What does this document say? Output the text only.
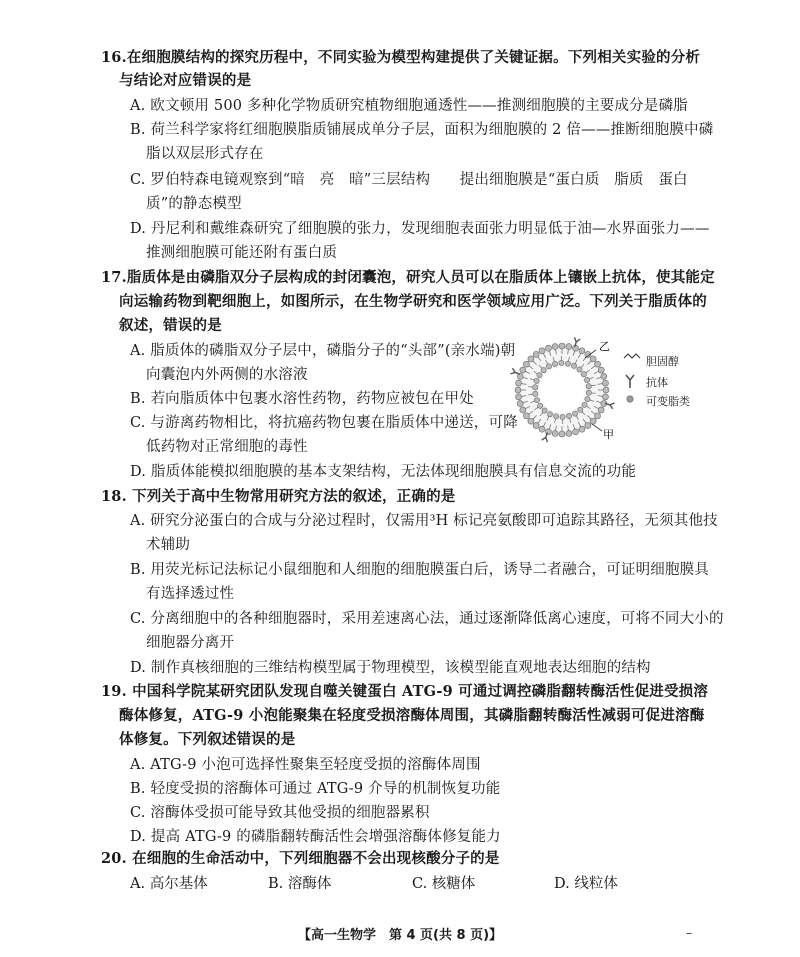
16.在细胞膜结构的探究历程中，不同实验为模型构建提供了关键证据。下列相关实验的分析
与结论对应错误的是
A. 欧文顿用 500 多种化学物质研究植物细胞通透性——推测细胞膜的主要成分是磷脂
B. 荷兰科学家将红细胞膜脂质铺展成单分子层，面积为细胞膜的 2 倍——推断细胞膜中磷
脂以双层形式存在
C. 罗伯特森电镜观察到“暗　亮　暗”三层结构　　提出细胞膜是“蛋白质　脂质　蛋白
质”的静态模型
D. 丹尼利和戴维森研究了细胞膜的张力，发现细胞表面张力明显低于油—水界面张力——
推测细胞膜可能还附有蛋白质
17.脂质体是由磷脂双分子层构成的封闭囊泡，研究人员可以在脂质体上镶嵌上抗体，使其能定
向运输药物到靶细胞上，如图所示，在生物学研究和医学领域应用广泛。下列关于脂质体的
叙述，错误的是
A. 脂质体的磷脂双分子层中，磷脂分子的“头部”(亲水端)朝
向囊泡内外两侧的水溶液
B. 若向脂质体中包裹水溶性药物，药物应被包在甲处
C. 与游离药物相比，将抗癌药物包裹在脂质体中递送，可降
低药物对正常细胞的毒性
D. 脂质体能模拟细胞膜的基本支架结构，无法体现细胞膜具有信息交流的功能
乙
甲
胆固醇
抗体
可变脂类
18. 下列关于高中生物常用研究方法的叙述，正确的是
A. 研究分泌蛋白的合成与分泌过程时，仅需用³H 标记亮氨酸即可追踪其路径，无须其他技
术辅助
B. 用荧光标记法标记小鼠细胞和人细胞的细胞膜蛋白后，诱导二者融合，可证明细胞膜具
有选择透过性
C. 分离细胞中的各种细胞器时，采用差速离心法，通过逐渐降低离心速度，可将不同大小的
细胞器分离开
D. 制作真核细胞的三维结构模型属于物理模型，该模型能直观地表达细胞的结构
19. 中国科学院某研究团队发现自噬关键蛋白 ATG-9 可通过调控磷脂翻转酶活性促进受损溶
酶体修复，ATG-9 小泡能聚集在轻度受损溶酶体周围，其磷脂翻转酶活性减弱可促进溶酶
体修复。下列叙述错误的是
A. ATG-9 小泡可选择性聚集至轻度受损的溶酶体周围
B. 轻度受损的溶酶体可通过 ATG-9 介导的机制恢复功能
C. 溶酶体受损可能导致其他受损的细胞器累积
D. 提高 ATG-9 的磷脂翻转酶活性会增强溶酶体修复能力
20. 在细胞的生命活动中，下列细胞器不会出现核酸分子的是
A. 高尔基体	B. 溶酶体	C. 核糖体	D. 线粒体
【高一生物学　第 4 页(共 8 页)】	–
